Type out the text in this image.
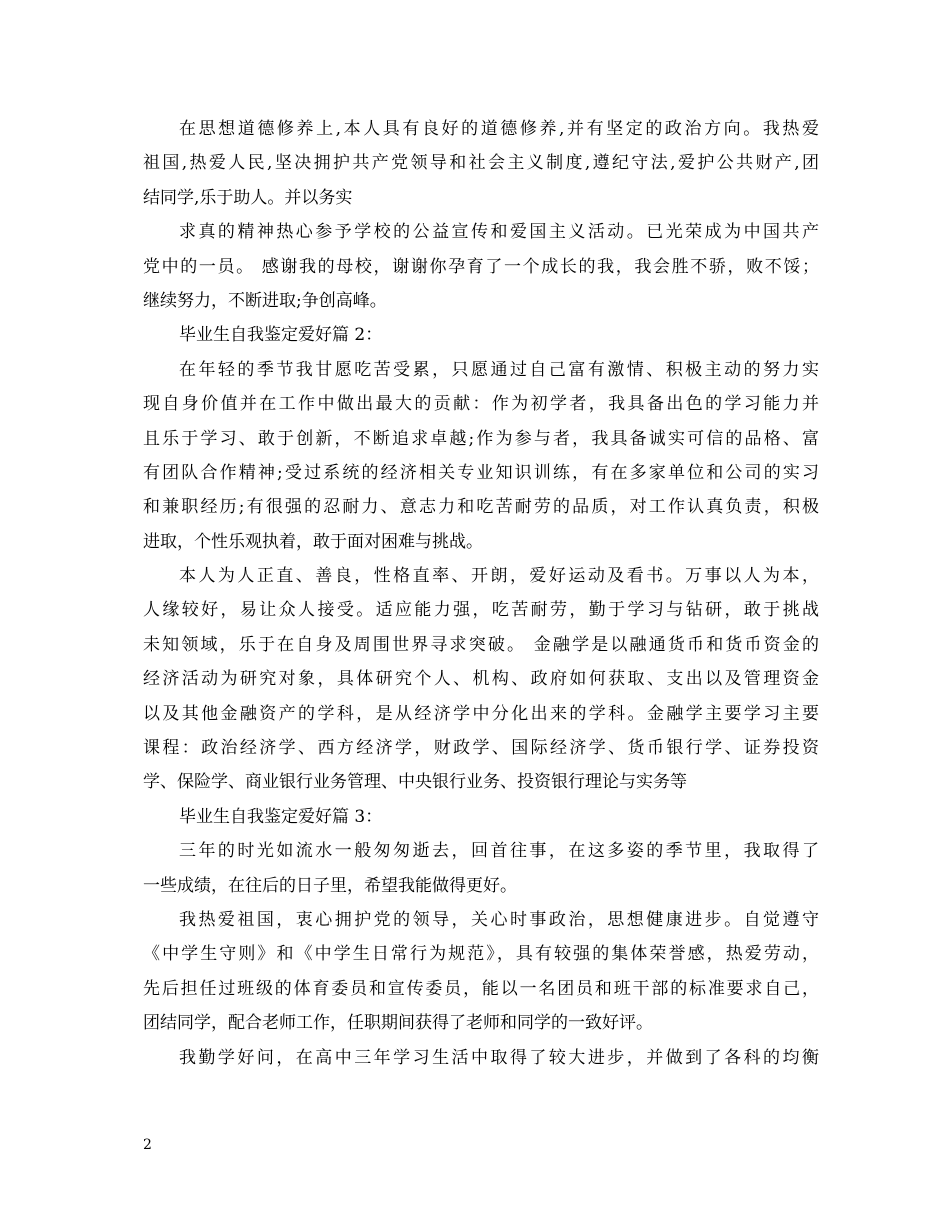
在思想道德修养上,本人具有良好的道德修养,并有坚定的政治方向。我热爱
祖国,热爱人民,坚决拥护共产党领导和社会主义制度,遵纪守法,爱护公共财产,团
结同学,乐于助人。并以务实
求真的精神热心参予学校的公益宣传和爱国主义活动。已光荣成为中国共产
党中的一员。 感谢我的母校，谢谢你孕育了一个成长的我，我会胜不骄，败不馁；
继续努力，不断进取;争创高峰。
毕业生自我鉴定爱好篇 2：
在年轻的季节我甘愿吃苦受累，只愿通过自己富有激情、积极主动的努力实
现自身价值并在工作中做出最大的贡献：作为初学者，我具备出色的学习能力并
且乐于学习、敢于创新，不断追求卓越;作为参与者，我具备诚实可信的品格、富
有团队合作精神;受过系统的经济相关专业知识训练，有在多家单位和公司的实习
和兼职经历;有很强的忍耐力、意志力和吃苦耐劳的品质，对工作认真负责，积极
进取，个性乐观执着，敢于面对困难与挑战。
本人为人正直、善良，性格直率、开朗，爱好运动及看书。万事以人为本，
人缘较好，易让众人接受。适应能力强，吃苦耐劳，勤于学习与钻研，敢于挑战
未知领域，乐于在自身及周围世界寻求突破。 金融学是以融通货币和货币资金的
经济活动为研究对象，具体研究个人、机构、政府如何获取、支出以及管理资金
以及其他金融资产的学科，是从经济学中分化出来的学科。金融学主要学习主要
课程：政治经济学、西方经济学，财政学、国际经济学、货币银行学、证券投资
学、保险学、商业银行业务管理、中央银行业务、投资银行理论与实务等
毕业生自我鉴定爱好篇 3：
三年的时光如流水一般匆匆逝去，回首往事，在这多姿的季节里，我取得了
一些成绩，在往后的日子里，希望我能做得更好。
我热爱祖国，衷心拥护党的领导，关心时事政治，思想健康进步。自觉遵守
《中学生守则》和《中学生日常行为规范》，具有较强的集体荣誉感，热爱劳动，
先后担任过班级的体育委员和宣传委员，能以一名团员和班干部的标准要求自己，
团结同学，配合老师工作，任职期间获得了老师和同学的一致好评。
我勤学好问，在高中三年学习生活中取得了较大进步，并做到了各科的均衡
2
